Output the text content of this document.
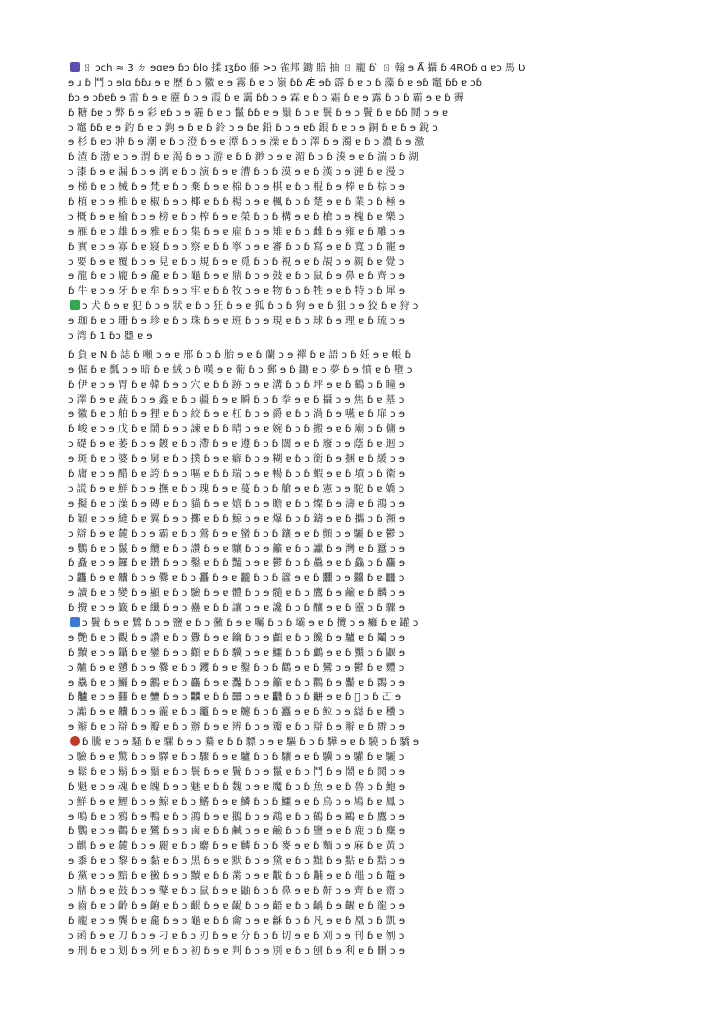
ㄖ ɔch ≈ 3 ㄉ ɘɑɐɘ ɓɔ ɓlo 揉 ɪʒɓo 藤 >ɔ 雀邦 鋤 賠 抽 ㄖ 龐 ɓ ̀ ㄖ 翰 ɘ Ǻ 攝 ɓ 4ROɓ ɑ ɐɔ 馬 Ʋ
ɘ ɹ ɓ 鬥 ɔ ɘlɑ ɓɓɹ ɘ ɐ 歷 ɓ ɔ 徽 ɐ ɘ 霧 ɓ ɐ ɔ 嶺 ɓɓ Ǽ ɘɓ 霹 ɓ ɐ ɔ ɓ 藻 ɓ ɐ ɘɓ 竈 ɓɓ ɐ ɔɓ
ɓɔ ɘ ɔɓɐɓ ɘ 雷 ɓ ɘ ɐ 靂 ɓ ɔ ɘ 霞 ɓ ɐ 靄 ɓɓ ɔ ɘ 霖 ɐ ɓ ɔ 霜 ɓ ɐ ɘ 露 ɓ ɔ ɓ 霸 ɘ ɐ ɓ 霽
ɓ 糖 ɓɐ ɔ 弊 ɓ ɘ 彩 ɐɓ ɔ ɘ 霾 ɓ ɐ ɔ 鬣 ɓɓ ɐ ɘ 鬚 ɓ ɔ ɐ 鬟 ɓ ɘ ɔ 鬢 ɓ ɐ ɓɓ 鬩 ɔ ɘ ɐ
ɔ 竈 ɓɓ ɐ ɘ 釣 ɓ ɐ ɔ 鉤 ɘ ɓ ɐ ɓ 鈴 ɔ ɘ ɓɐ 鉛 ɓ ɔ ɘ ɐɓ 銀 ɓ ɐ ɔ ɘ 銅 ɓ ɐ ɓ ɘ 銳 ɔ
ɘ 杉 ɓ ɐɔ 𠁨 ɓ ɘ 潮 ɐ ɓ ɔ 澄 ɓ ɘ ɐ 潭 ɓ ɔ ɘ 澡 ɐ ɓ ɔ 澤 ɓ ɘ 濁 ɐ ɓ ɔ 濃 ɓ ɘ 激
ɓ 渣 ɓ 渤 ɐ ɔ ɘ 渭 ɓ ɐ 渴 ɓ ɘ ɔ 游 ɐ ɓ ɓ 渺 ɔ ɘ ɐ 湄 ɓ ɔ ɓ 湊 ɘ ɐ ɓ 湍 ɔ ɓ 湖
ɔ 漆 ɓ ɘ ɐ 漏 ɓ ɔ ɘ 漓 ɐ ɓ ɔ 演 ɓ ɘ ɐ 漕 ɓ ɔ ɓ 漠 ɘ ɐ ɓ 漢 ɔ ɘ 漣 ɓ ɐ 漫 ɔ
ɘ 梯 ɓ ɐ ɔ 械 ɓ ɘ 梵 ɐ ɓ ɔ 棄 ɓ ɘ ɐ 棉 ɓ ɔ ɘ 棋 ɐ ɓ ɔ 棍 ɓ ɘ 棒 ɐ ɓ 棕 ɔ ɘ
ɓ 植 ɐ ɔ ɘ 椎 ɓ ɐ 椒 ɓ ɘ ɔ 椰 ɐ ɓ ɓ 楊 ɔ ɘ ɐ 楓 ɓ ɔ ɓ 楚 ɘ ɐ ɓ 業 ɔ ɓ 極 ɘ
ɔ 概 ɓ ɘ ɐ 榆 ɓ ɔ ɘ 榜 ɐ ɓ ɔ 榨 ɓ ɘ ɐ 榮 ɓ ɔ ɓ 構 ɘ ɐ ɓ 槍 ɔ ɘ 槐 ɓ ɐ 樂 ɔ
ɘ 雁 ɓ ɐ ɔ 雄 ɓ ɘ 雅 ɐ ɓ ɔ 集 ɓ ɘ ɐ 雇 ɓ ɔ ɘ 雉 ɐ ɓ ɔ 雌 ɓ ɘ 雍 ɐ ɓ 雕 ɔ ɘ
ɓ 實 ɐ ɔ ɘ 寡 ɓ ɐ 寢 ɓ ɘ ɔ 察 ɐ ɓ ɓ 寧 ɔ ɘ ɐ 審 ɓ ɔ ɓ 寫 ɘ ɐ ɓ 寬 ɔ ɓ 寵 ɘ
ɔ 要 ɓ ɘ ɐ 覆 ɓ ɔ ɘ 見 ɐ ɓ ɔ 規 ɓ ɘ ɐ 覓 ɓ ɔ ɓ 視 ɘ ɐ ɓ 覘 ɔ ɘ 親 ɓ ɐ 覺 ɔ
ɘ 龍 ɓ ɐ ɔ 龐 ɓ ɘ 龕 ɐ ɓ ɔ 龜 ɓ ɘ ɐ 鼎 ɓ ɔ ɘ 鼓 ɐ ɓ ɔ 鼠 ɓ ɘ 鼻 ɐ ɓ 齊 ɔ ɘ
ɓ 牛 ɐ ɔ ɘ 牙 ɓ ɐ 牟 ɓ ɘ ɔ 牢 ɐ ɓ ɓ 牧 ɔ ɘ ɐ 物 ɓ ɔ ɓ 牲 ɘ ɐ ɓ 特 ɔ ɓ 犀 ɘ
ɔ 犬 ɓ ɘ ɐ 犯 ɓ ɔ ɘ 狀 ɐ ɓ ɔ 狂 ɓ ɘ ɐ 狐 ɓ ɔ ɓ 狗 ɘ ɐ ɓ 狙 ɔ ɘ 狡 ɓ ɐ 狩 ɔ
ɘ 珈 ɓ ɐ ɔ 珊 ɓ ɘ 珍 ɐ ɓ ɔ 珠 ɓ ɘ ɐ 班 ɓ ɔ ɘ 現 ɐ ɓ ɔ 球 ɓ ɘ 理 ɐ ɓ 琉 ɔ ɘ
ɔ 湾 ɓ 1 ɓɔ 𠁁 ɐ ɘ
ɓ 負 ɐ N ɓ 誌 ɓ 噸 ɔ ɘ ɐ 邢 ɓ ɔ ɓ 胎 ɘ ɐ ɓ 蘭 ɔ ɘ 禪 ɓ ɐ 語 ɔ ɓ 妊 ɘ ɐ 帳 ɓ
ɘ 倔 ɓ ɐ 瓢 ɔ ɘ 暗 ɓ ɐ 絨 ɔ ɓ 嘆 ɘ ɐ 葡 ɓ ɔ 郵 ɘ ɓ 鋤 ɐ ɔ 夢 ɓ ɘ 憤 ɐ ɓ 墮 ɔ
ɓ 伊 ɐ ɔ ɘ 胃 ɓ ɐ 韓 ɓ ɘ ɔ 穴 ɐ ɓ ɓ 跡 ɔ ɘ ɐ 溝 ɓ ɔ ɓ 坪 ɘ ɐ ɓ 鶴 ɔ ɓ 瞳 ɘ
ɔ 澤 ɓ ɘ ɐ 蔬 ɓ ɔ ɘ 鑫 ɐ ɓ ɔ 疆 ɓ ɘ ɐ 瞬 ɓ ɔ ɓ 拳 ɘ ɐ ɓ 攝 ɔ ɘ 焦 ɓ ɐ 墓 ɔ
ɘ 徽 ɓ ɐ ɔ 舶 ɓ ɘ 狸 ɐ ɓ ɔ 絞 ɓ ɘ ɐ 杠 ɓ ɔ ɘ 爵 ɐ ɓ ɔ 渦 ɓ ɘ 嚥 ɐ ɓ 扉 ɔ ɘ
ɓ 峻 ɐ ɔ ɘ 戊 ɓ ɐ 鬧 ɓ ɘ ɔ 諫 ɐ ɓ ɓ 晴 ɔ ɘ ɐ 婉 ɓ ɔ ɓ 搬 ɘ ɐ ɓ 廟 ɔ ɓ 傭 ɘ
ɔ 礎 ɓ ɘ ɐ 萎 ɓ ɔ ɘ 鍍 ɐ ɓ ɔ 滯 ɓ ɘ ɐ 遵 ɓ ɔ ɓ 闊 ɘ ɐ ɓ 廢 ɔ ɘ 蔭 ɓ ɐ 迴 ɔ
ɘ 斑 ɓ ɐ ɔ 婆 ɓ ɘ 舅 ɐ ɓ ɔ 撲 ɓ ɘ ɐ 癖 ɓ ɔ ɘ 糊 ɐ ɓ ɔ 銜 ɓ ɘ 捆 ɐ ɓ 緩 ɔ ɘ
ɓ 庸 ɐ ɔ ɘ 醋 ɓ ɐ 誇 ɓ ɘ ɔ 嘔 ɐ ɓ ɓ 瑞 ɔ ɘ ɐ 暢 ɓ ɔ ɓ 蝦 ɘ ɐ ɓ 墳 ɔ ɓ 衛 ɘ
ɔ 謊 ɓ ɘ ɐ 鮮 ɓ ɔ ɘ 撫 ɐ ɓ ɔ 瑰 ɓ ɘ ɐ 蔓 ɓ ɔ ɓ 艙 ɘ ɐ ɓ 憲 ɔ ɘ 駝 ɓ ɐ 嬌 ɔ
ɘ 擬 ɓ ɐ ɔ 澡 ɓ ɘ 磚 ɐ ɓ ɔ 貓 ɓ ɘ ɐ 嬉 ɓ ɔ ɘ 瞻 ɐ ɓ ɔ 燦 ɓ ɘ 濤 ɐ ɓ 鴻 ɔ ɘ
ɓ 穎 ɐ ɔ ɘ 縫 ɓ ɐ 翼 ɓ ɘ ɔ 擲 ɐ ɓ ɓ 鯨 ɔ ɘ ɐ 爆 ɓ ɔ ɓ 鑄 ɘ ɐ ɓ 攜 ɔ ɓ 瀕 ɘ
ɔ 辯 ɓ ɘ ɐ 麓 ɓ ɔ ɘ 霸 ɐ ɓ ɔ 鶯 ɓ ɘ ɐ 蠻 ɓ ɔ ɓ 鑲 ɘ ɐ ɓ 顫 ɔ ɘ 驪 ɓ ɐ 鬱 ɔ
ɘ 鸚 ɓ ɐ ɔ 鬣 ɓ ɘ 纜 ɐ ɓ ɔ 讚 ɓ ɘ ɐ 驤 ɓ ɔ ɘ 籲 ɐ ɓ ɔ 讞 ɓ ɘ 灣 ɐ ɓ 蠶 ɔ ɘ
ɓ 矗 ɐ ɔ ɘ 鑼 ɓ ɐ 鑽 ɓ ɘ ɔ 鑿 ɐ ɓ ɓ 豔 ɔ ɘ ɐ 鬱 ɓ ɔ ɓ 驫 ɘ ɐ ɓ 鱻 ɔ ɓ 麤 ɘ
ɔ 龘 ɓ ɘ ɐ 齉 ɓ ɔ ɘ 爨 ɐ ɓ ɔ 靐 ɓ ɘ ɐ 龖 ɓ ɔ ɓ 籱 ɘ ɐ ɓ 䨻 ɔ ɘ 䲜 ɓ ɐ 𪚥 ɔ
ɘ 讀 ɓ ɐ ɔ 變 ɓ ɘ 顯 ɐ ɓ ɔ 驗 ɓ ɘ ɐ 體 ɓ ɔ ɘ 髓 ɐ ɓ ɔ 鷹 ɓ ɘ 鹼 ɐ ɓ 麟 ɔ ɘ
ɓ 攪 ɐ ɔ ɘ 籤 ɓ ɐ 纖 ɓ ɘ ɔ 蠱 ɐ ɓ ɓ 讓 ɔ ɘ ɐ 讒 ɓ ɔ ɓ 釀 ɘ ɐ ɓ 靈 ɔ ɓ 驟 ɘ
ɔ 鬢 ɓ ɘ ɐ 鷺 ɓ ɔ ɘ 鹽 ɐ ɓ ɔ 黴 ɓ ɘ ɐ 囑 ɓ ɔ ɓ 壩 ɘ ɐ ɓ 攬 ɔ ɘ 癱 ɓ ɐ 罐 ɔ
ɘ 艷 ɓ ɐ ɔ 觀 ɓ ɘ 讚 ɐ ɓ ɔ 釁 ɓ ɘ ɐ 鑰 ɓ ɔ ɘ 顱 ɐ ɓ ɔ 饞 ɓ ɘ 驢 ɐ ɓ 鬮 ɔ ɘ
ɓ 黷 ɐ ɔ ɘ 鑷 ɓ ɐ 鑾 ɓ ɘ ɔ 顴 ɐ ɓ ɓ 驥 ɔ ɘ ɐ 鱷 ɓ ɔ ɓ 鸕 ɘ ɐ ɓ 黶 ɔ ɓ 鼴 ɘ
ɔ 齇 ɓ ɘ ɐ 戇 ɓ ɔ ɘ 爨 ɐ ɓ ɔ 钁 ɓ ɘ ɐ 鑿 ɓ ɔ ɓ 鸛 ɘ ɐ ɓ 鸞 ɔ ɘ 鬱 ɓ ɐ 麷 ɔ
ɘ 驫 ɓ ɐ ɔ 鱺 ɓ ɘ 鸝 ɐ ɓ ɔ 麤 ɓ ɘ ɐ 灩 ɓ ɔ ɘ 籲 ɐ ɓ ɔ 鸜 ɓ ɘ 齾 ɐ ɓ 䴉 ɔ ɘ
ɓ 𪓐 ɐ ɔ ɘ 𩇔 ɓ ɐ 𪚍 ɓ ɘ ɔ 𠔻 ɐ ɓ ɓ 𤴐 ɔ ɘ ɐ 𩙣 ɓ ɔ ɓ 𪘀 ɘ ɐ ɓ 𪛆 ɔ ɓ 𠀀 ɘ
ɔ 讟 ɓ ɘ ɐ 齉 ɓ ɔ ɘ 靇 ɐ ɓ ɔ 龗 ɓ ɘ ɐ 䶑 ɓ ɔ ɓ 䨺 ɘ ɐ ɓ 䲞 ɔ ɘ 䜌 ɓ ɐ 䆏 ɔ
ɘ 辮 ɓ ɐ ɔ 辯 ɓ ɘ 瓣 ɐ ɓ ɔ 辦 ɓ ɘ ɐ 辨 ɓ ɔ ɘ 瓣 ɐ ɓ ɔ 辯 ɓ ɘ 辮 ɐ ɓ 辧 ɔ ɘ
ɓ 騰 ɐ ɔ ɘ 騷 ɓ ɐ 騾 ɓ ɘ ɔ 驀 ɐ ɓ ɓ 驃 ɔ ɘ ɐ 驅 ɓ ɔ ɓ 驊 ɘ ɐ ɓ 驍 ɔ ɓ 驕 ɘ
ɔ 驗 ɓ ɘ ɐ 驚 ɓ ɔ ɘ 驛 ɐ ɓ ɔ 驟 ɓ ɘ ɐ 驢 ɓ ɔ ɓ 驤 ɘ ɐ ɓ 驥 ɔ ɘ 驩 ɓ ɐ 驪 ɔ
ɘ 鬆 ɓ ɐ ɔ 鬍 ɓ ɘ 鬚 ɐ ɓ ɔ 鬟 ɓ ɘ ɐ 鬢 ɓ ɔ ɘ 鬣 ɐ ɓ ɔ 鬥 ɓ ɘ 鬧 ɐ ɓ 鬨 ɔ ɘ
ɓ 魁 ɐ ɔ ɘ 魂 ɓ ɐ 魄 ɓ ɘ ɔ 魅 ɐ ɓ ɓ 魏 ɔ ɘ ɐ 魔 ɓ ɔ ɓ 魚 ɘ ɐ ɓ 魯 ɔ ɓ 鮑 ɘ
ɔ 鮮 ɓ ɘ ɐ 鯉 ɓ ɔ ɘ 鯨 ɐ ɓ ɔ 鰭 ɓ ɘ ɐ 鱗 ɓ ɔ ɓ 鱷 ɘ ɐ ɓ 鳥 ɔ ɘ 鳩 ɓ ɐ 鳳 ɔ
ɘ 鳴 ɓ ɐ ɔ 鴉 ɓ ɘ 鴨 ɐ ɓ ɔ 鴻 ɓ ɘ ɐ 鵝 ɓ ɔ ɘ 鵡 ɐ ɓ ɔ 鶴 ɓ ɘ 鷗 ɐ ɓ 鷹 ɔ ɘ
ɓ 鸚 ɐ ɔ ɘ 鸛 ɓ ɐ 鸞 ɓ ɘ ɔ 鹵 ɐ ɓ ɓ 鹹 ɔ ɘ ɐ 鹼 ɓ ɔ ɓ 鹽 ɘ ɐ ɓ 鹿 ɔ ɓ 麋 ɘ
ɔ 麒 ɓ ɘ ɐ 麓 ɓ ɔ ɘ 麗 ɐ ɓ ɔ 麝 ɓ ɘ ɐ 麟 ɓ ɔ ɓ 麥 ɘ ɐ ɓ 麵 ɔ ɘ 麻 ɓ ɐ 黃 ɔ
ɘ 黍 ɓ ɐ ɔ 黎 ɓ ɘ 黏 ɐ ɓ ɔ 黑 ɓ ɘ ɐ 默 ɓ ɔ ɘ 黛 ɐ ɓ ɔ 黜 ɓ ɘ 點 ɐ ɓ 黠 ɔ ɘ
ɓ 黨 ɐ ɔ ɘ 黯 ɓ ɐ 黴 ɓ ɘ ɔ 黷 ɐ ɓ ɓ 黹 ɔ ɘ ɐ 黻 ɓ ɔ ɓ 黼 ɘ ɐ ɓ 黽 ɔ ɓ 鼇 ɘ
ɔ 鼎 ɓ ɘ ɐ 鼓 ɓ ɔ ɘ 鼕 ɐ ɓ ɔ 鼠 ɓ ɘ ɐ 鼬 ɓ ɔ ɓ 鼻 ɘ ɐ ɓ 鼾 ɔ ɘ 齊 ɓ ɐ 齋 ɔ
ɘ 齒 ɓ ɐ ɔ 齡 ɓ ɘ 齣 ɐ ɓ ɔ 齦 ɓ ɘ ɐ 齪 ɓ ɔ ɘ 齬 ɐ ɓ ɔ 齲 ɓ ɘ 齷 ɐ ɓ 龍 ɔ ɘ
ɓ 龐 ɐ ɔ ɘ 龔 ɓ ɐ 龕 ɓ ɘ ɔ 龜 ɐ ɓ ɓ 龠 ɔ ɘ ɐ 龢 ɓ ɔ ɓ 凡 ɘ ɐ ɓ 凰 ɔ ɓ 凱 ɘ
ɔ 函 ɓ ɘ ɐ 刀 ɓ ɔ ɘ 刁 ɐ ɓ ɔ 刃 ɓ ɘ ɐ 分 ɓ ɔ ɓ 切 ɘ ɐ ɓ 刈 ɔ ɘ 刊 ɓ ɐ 刎 ɔ
ɘ 刑 ɓ ɐ ɔ 划 ɓ ɘ 列 ɐ ɓ ɔ 初 ɓ ɘ ɐ 判 ɓ ɔ ɘ 別 ɐ ɓ ɔ 刨 ɓ ɘ 利 ɐ ɓ 刪 ɔ ɘ
